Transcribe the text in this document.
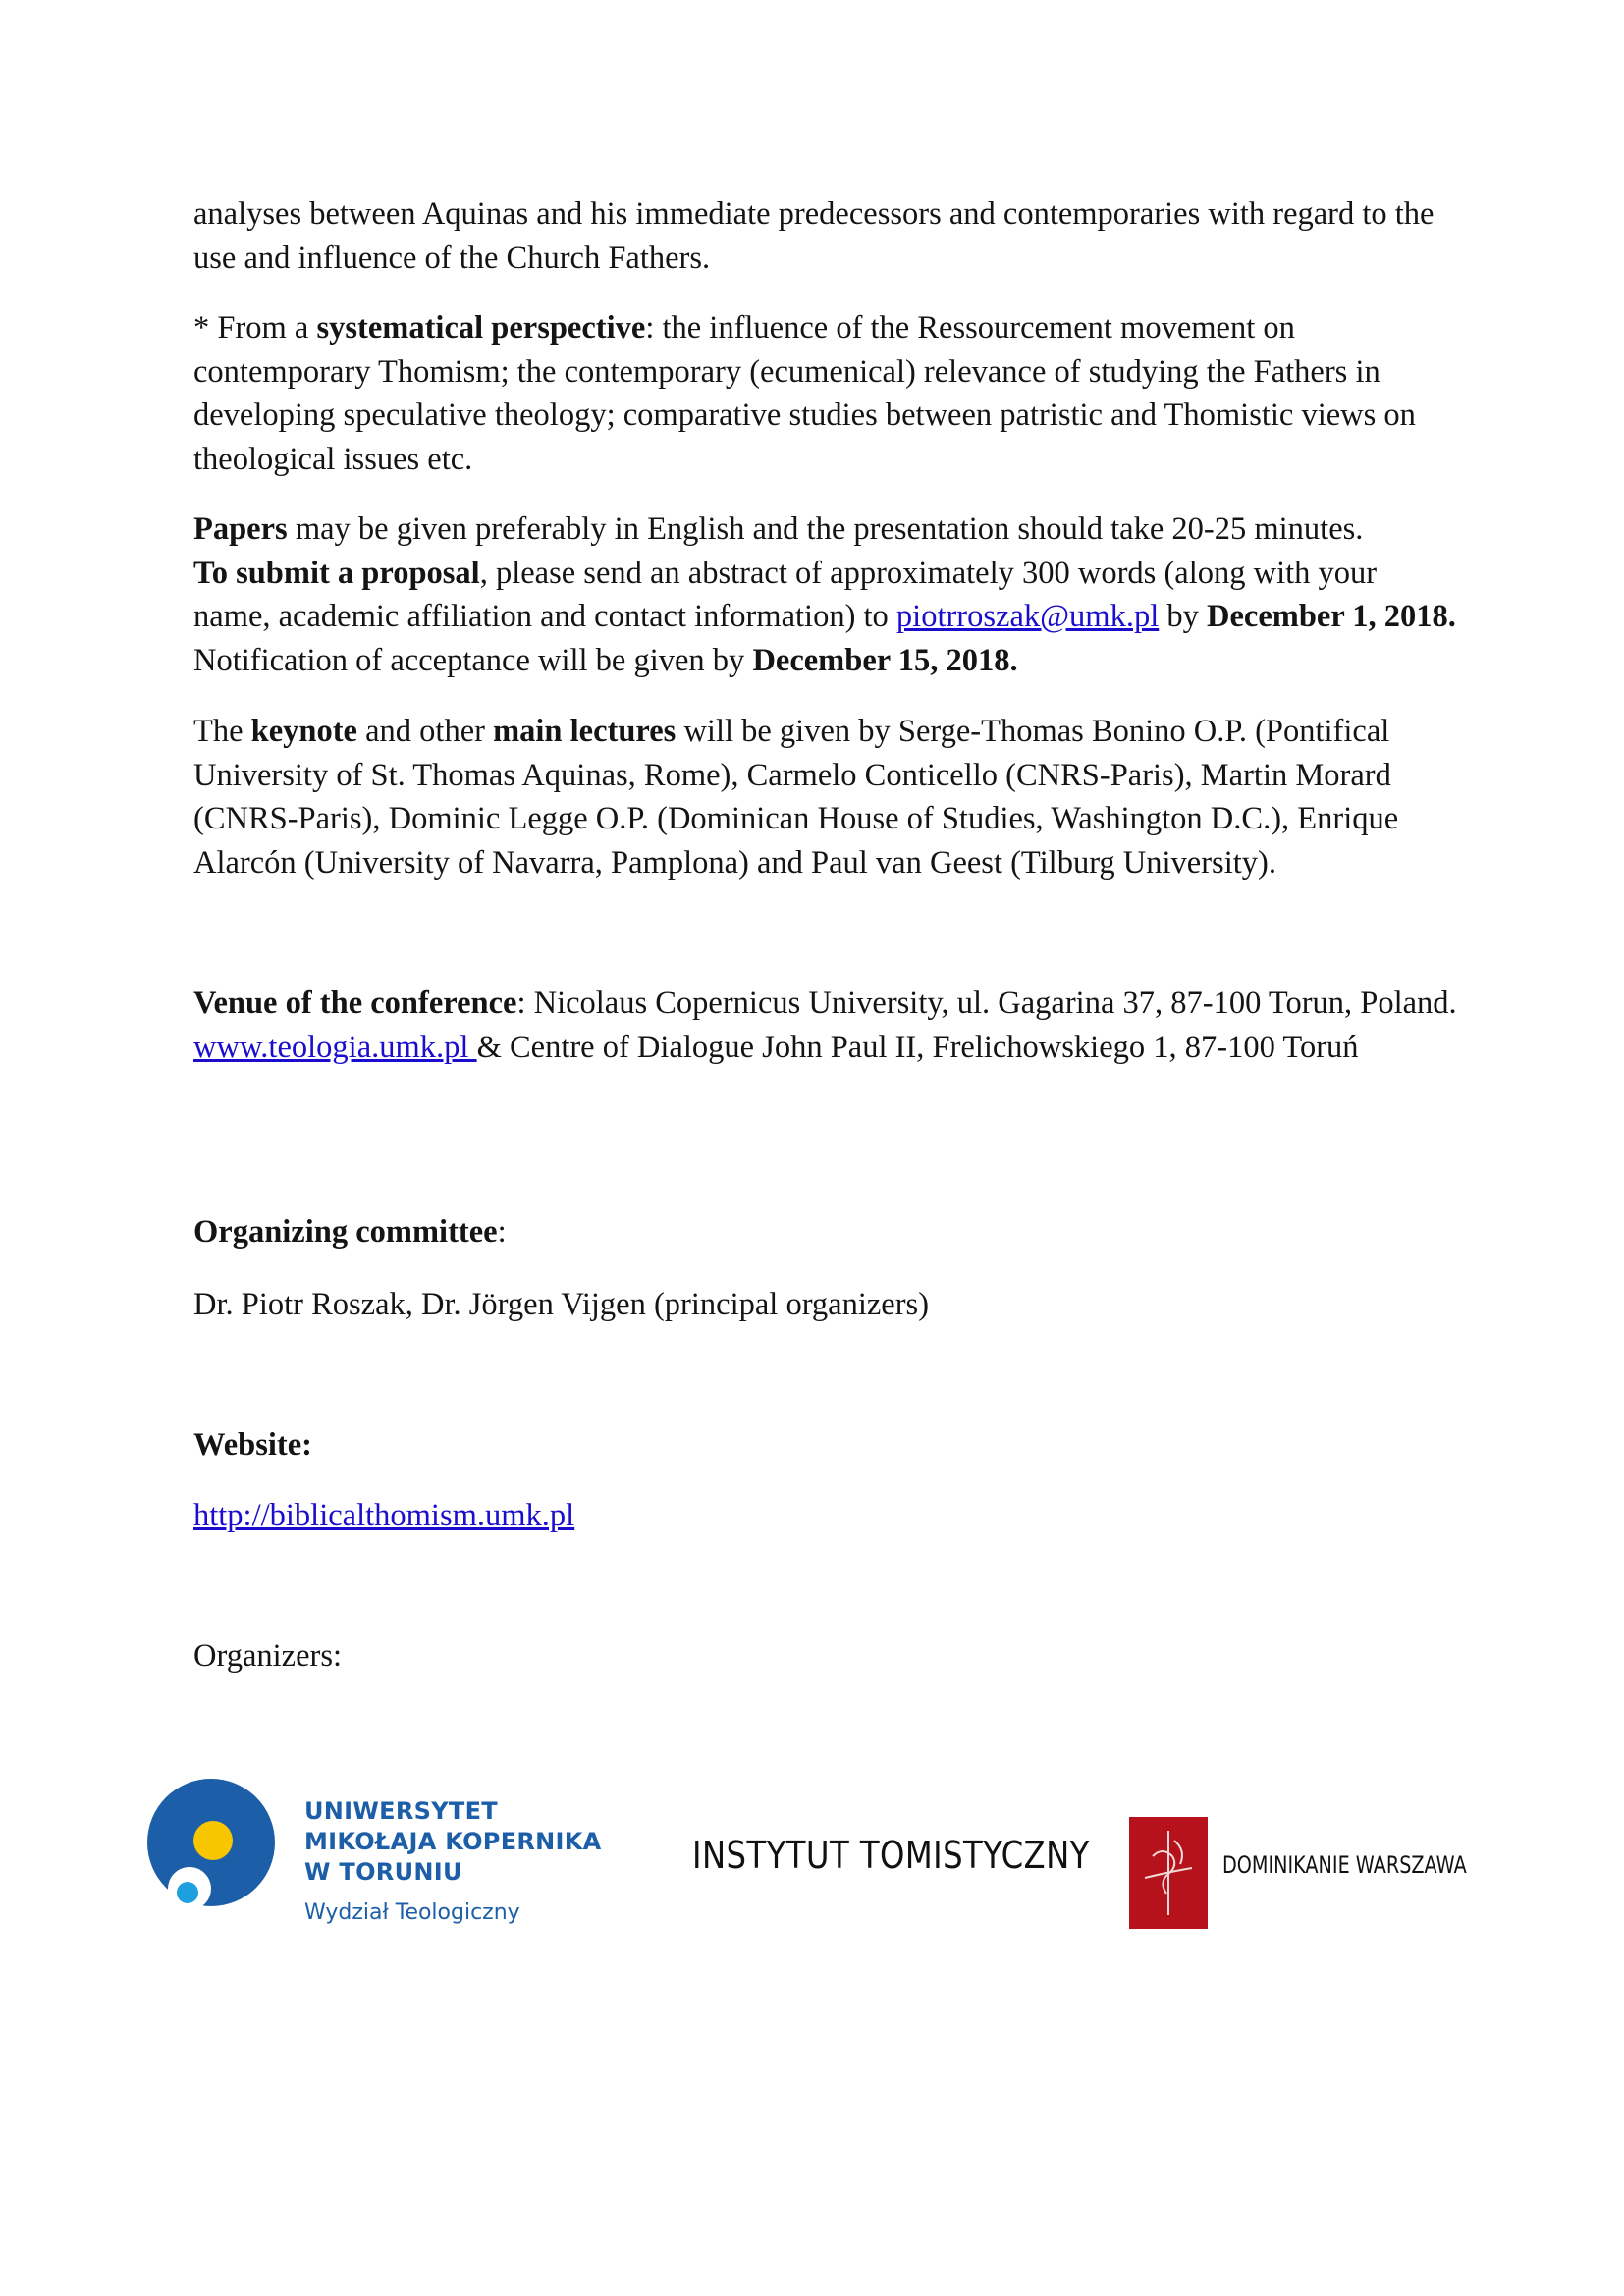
analyses between Aquinas and his immediate predecessors and contemporaries with regard to the use and influence of the Church Fathers.

* From a systematical perspective: the influence of the Ressourcement movement on contemporary Thomism; the contemporary (ecumenical) relevance of studying the Fathers in developing speculative theology; comparative studies between patristic and Thomistic views on theological issues etc.

Papers may be given preferably in English and the presentation should take 20-25 minutes.
To submit a proposal, please send an abstract of approximately 300 words (along with your name, academic affiliation and contact information) to piotrroszak@umk.pl by December 1, 2018. Notification of acceptance will be given by December 15, 2018.

The keynote and other main lectures will be given by Serge-Thomas Bonino O.P. (Pontifical University of St. Thomas Aquinas, Rome), Carmelo Conticello (CNRS-Paris), Martin Morard (CNRS-Paris), Dominic Legge O.P. (Dominican House of Studies, Washington D.C.), Enrique Alarcón (University of Navarra, Pamplona) and Paul van Geest (Tilburg University).

Venue of the conference: Nicolaus Copernicus University, ul. Gagarina 37, 87-100 Torun, Poland. www.teologia.umk.pl & Centre of Dialogue John Paul II, Frelichowskiego 1, 87-100 Toruń

Organizing committee:

Dr. Piotr Roszak, Dr. Jörgen Vijgen (principal organizers)

Website:

http://biblicalthomism.umk.pl

Organizers:

UNIWERSYTET
MIKOŁAJA KOPERNIKA
W TORUNIU
Wydział Teologiczny
INSTYTUT TOMISTYCZNY	DOMINIKANIE WARSZAWA
